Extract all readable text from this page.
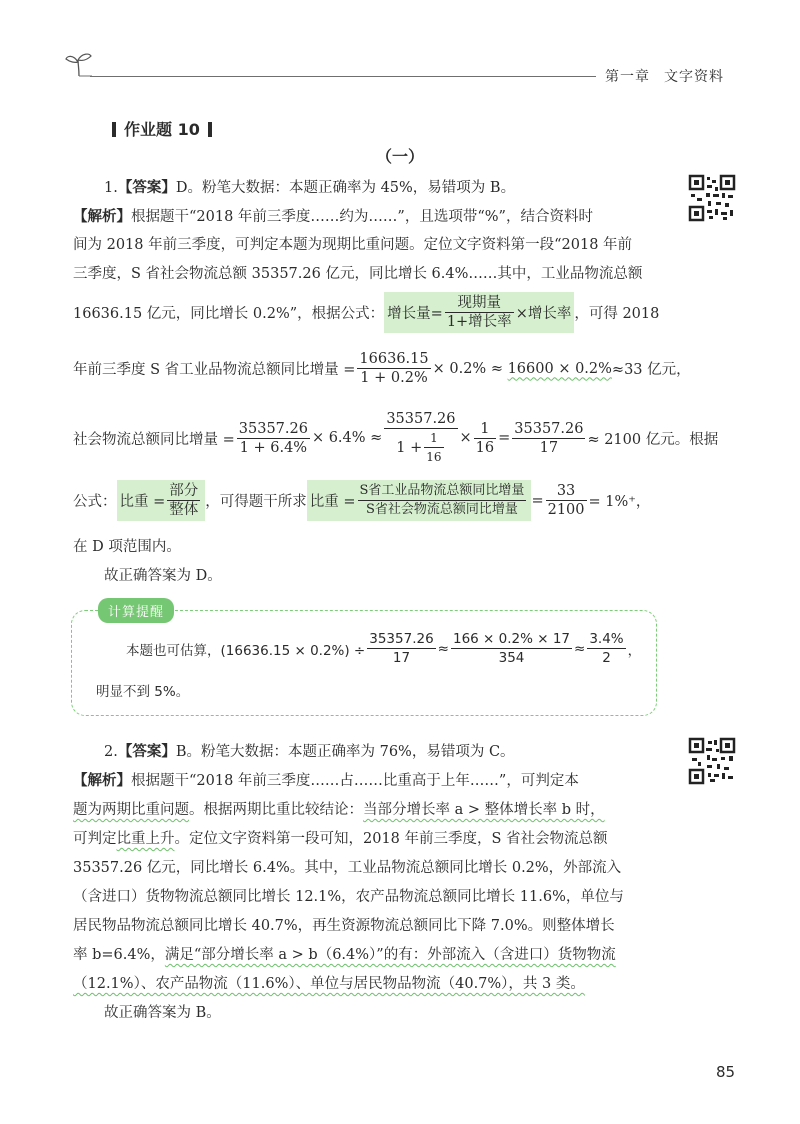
第一章 文字资料
作业题 10
（一）

1.【答案】D。粉笔大数据：本题正确率为 45%，易错项为 B。

【解析】根据题干“2018 年前三季度……约为……”，且选项带“%”，结合资料时

间为 2018 年前三季度，可判定本题为现期比重问题。定位文字资料第一段“2018 年前

三季度，S 省社会物流总额 35357.26 亿元，同比增长 6.4%……其中，工业品物流总额

16636.15 亿元，同比增长 0.2%”，根据公式： 增长量= $\frac{\text{现期量}}{\text{1+增长率}}$ ×增长率 ，可得 2018
年前三季度 S 省工业品物流总额同比增量 = $\frac{16636.15}{1 + 0.2\%} \times 0.2\%$ ≈
16600 × 0.2% ≈33 亿元，
社会物流总额同比增量 = $\frac{35357.26}{1 + 6.4\%} \times 6.4\% \approx \frac{35357.26}{1 + \frac{1}{16}} \times \frac{1}{16} = \frac{35357.26}{17} \approx 2100$ 亿元。根据
公式： 比重 = $\frac{\text{部分}}{\text{整体}}$ ，可得题干所求 比重 = $\frac{\text{S省工业品物流总额同比增量}}{\text{S省社会物流总额同比增量}} = \frac{33}{2100} = 1\%^+$，

在 D 项范围内。

故正确答案为 D。

计算提醒
本题也可估算，$(16636.15 \times 0.2\%) \div \frac{35357.26}{17} \approx \frac{166 \times 0.2\% \times 17}{354} \approx \frac{3.4\%}{2}$ ，

明显不到 5%。

2.【答案】B。粉笔大数据：本题正确率为 76%，易错项为 C。

【解析】根据题干“2018 年前三季度……占……比重高于上年……”，可判定本

题为两期比重问题。根据两期比重比较结论：当部分增长率 a > 整体增长率 b 时，

可判定比重上升。定位文字资料第一段可知，2018 年前三季度，S 省社会物流总额

35357.26 亿元，同比增长 6.4%。其中，工业品物流总额同比增长 0.2%，外部流入

（含进口）货物物流总额同比增长 12.1%，农产品物流总额同比增长 11.6%，单位与

居民物品物流总额同比增长 40.7%，再生资源物流总额同比下降 7.0%。则整体增长

率 b=6.4%，满足“部分增长率 a > b（6.4%）”的有：外部流入（含进口）货物物流

（12.1%）、农产品物流（11.6%）、单位与居民物品物流（40.7%），共 3 类。

故正确答案为 B。

85
